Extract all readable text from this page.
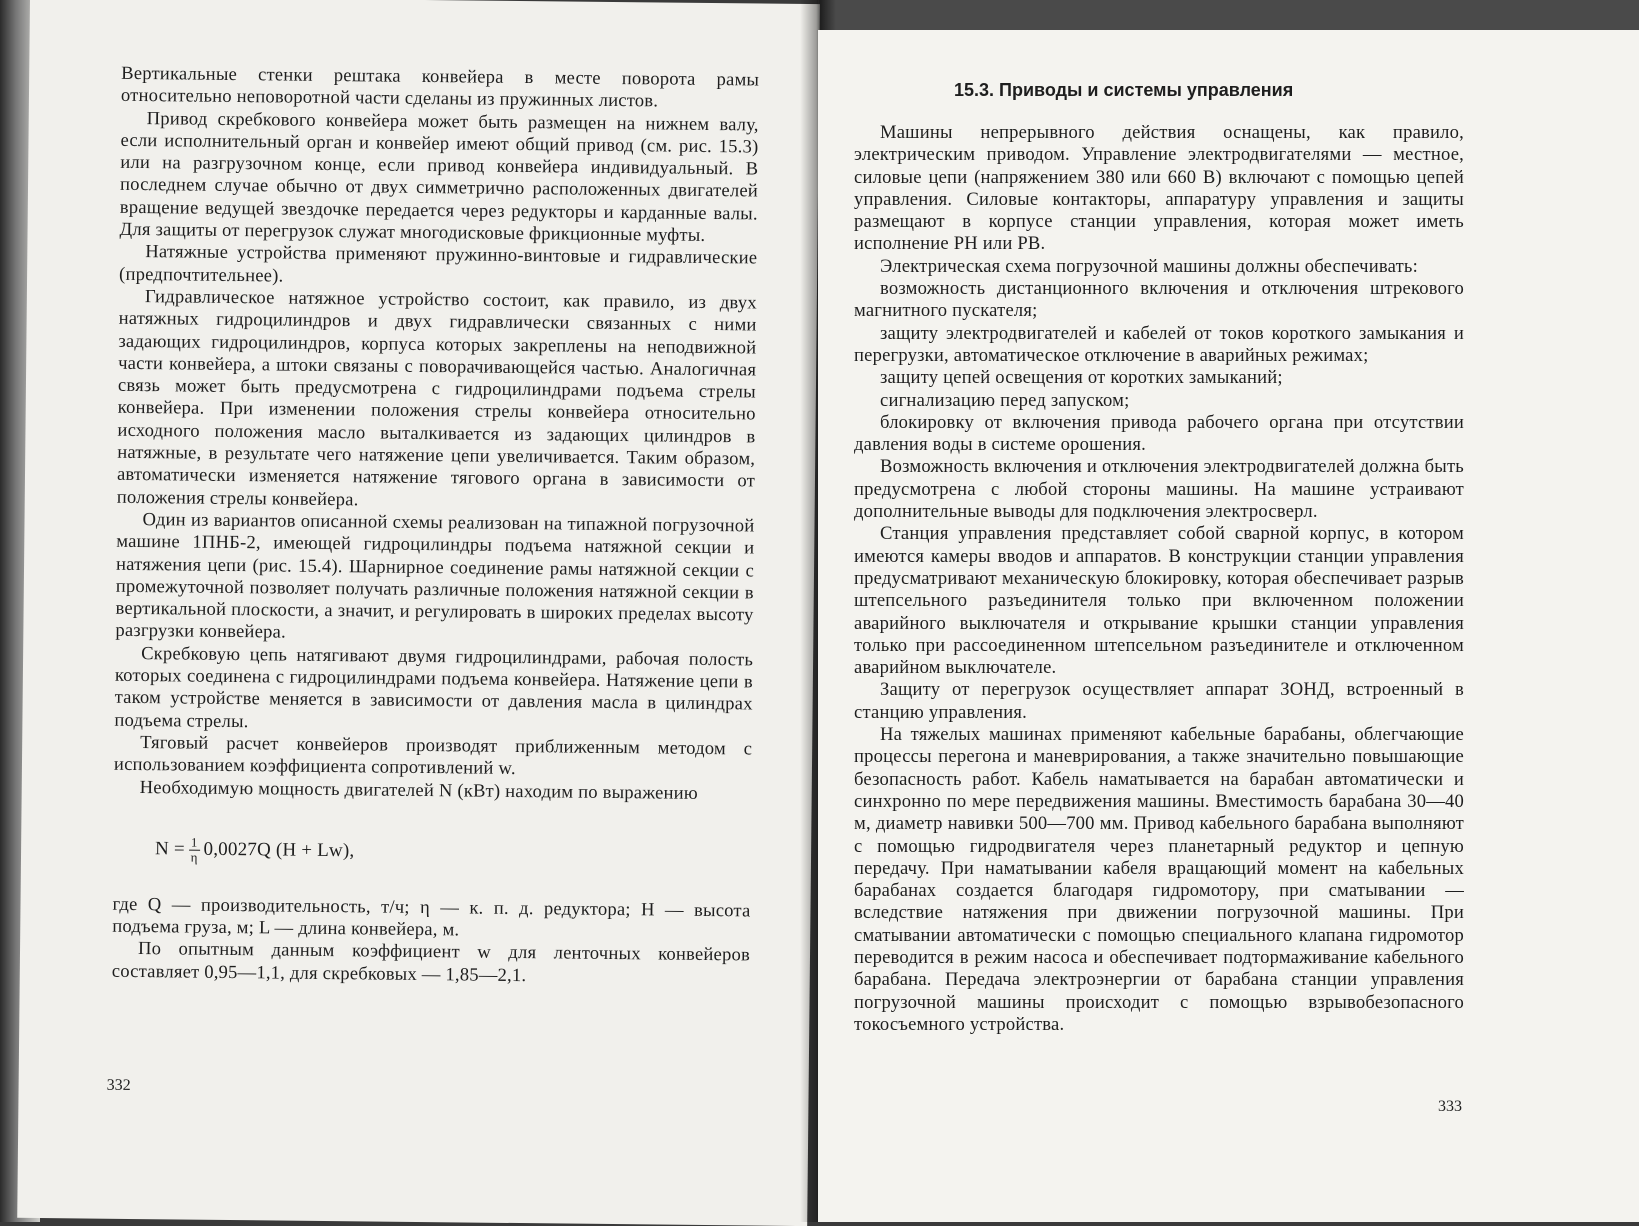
Вертикальные стенки рештака конвейера в месте поворота рамы относительно неповоротной части сделаны из пружинных листов.

Привод скребкового конвейера может быть размещен на нижнем валу, если исполнительный орган и конвейер имеют общий привод (см. рис. 15.3) или на разгрузочном конце, если привод конвейера индивидуальный. В последнем случае обычно от двух симметрично расположенных двигателей вращение ведущей звездочке передается через редукторы и карданные валы. Для защиты от перегрузок служат многодисковые фрикционные муфты.

Натяжные устройства применяют пружинно-винтовые и гидравлические (предпочтительнее).

Гидравлическое натяжное устройство состоит, как правило, из двух натяжных гидроцилиндров и двух гидравлически связанных с ними задающих гидроцилиндров, корпуса которых закреплены на неподвижной части конвейера, а штоки связаны с поворачивающейся частью. Аналогичная связь может быть предусмотрена с гидроцилиндрами подъема стрелы конвейера. При изменении положения стрелы конвейера относительно исходного положения масло выталкивается из задающих цилиндров в натяжные, в результате чего натяжение цепи увеличивается. Таким образом, автоматически изменяется натяжение тягового органа в зависимости от положения стрелы конвейера.

Один из вариантов описанной схемы реализован на типажной погрузочной машине 1ПНБ-2, имеющей гидроцилиндры подъема натяжной секции и натяжения цепи (рис. 15.4). Шарнирное соединение рамы натяжной секции с промежуточной позволяет получать различные положения натяжной секции в вертикальной плоскости, а значит, и регулировать в широких пределах высоту разгрузки конвейера.

Скребковую цепь натягивают двумя гидроцилиндрами, рабочая полость которых соединена с гидроцилиндрами подъема конвейера. Натяжение цепи в таком устройстве меняется в зависимости от давления масла в цилиндрах подъема стрелы.

Тяговый расчет конвейеров производят приближенным методом с использованием коэффициента сопротивлений w.

Необходимую мощность двигателей N (кВт) находим по выражению

$N = \frac{1}{\eta} 0,0027Q$ (H + Lw),

где Q — производительность, т/ч; η — к. п. д. редуктора; H — высота подъема груза, м; L — длина конвейера, м.

По опытным данным коэффициент w для ленточных конвейеров составляет 0,95—1,1, для скребковых — 1,85—2,1.

332
15.3. Приводы и системы управления

Машины непрерывного действия оснащены, как правило, электрическим приводом. Управление электродвигателями — местное, силовые цепи (напряжением 380 или 660 В) включают с помощью цепей управления. Силовые контакторы, аппаратуру управления и защиты размещают в корпусе станции управления, которая может иметь исполнение РН или РВ.

Электрическая схема погрузочной машины должны обеспечивать:

возможность дистанционного включения и отключения штрекового магнитного пускателя;

защиту электродвигателей и кабелей от токов короткого замыкания и перегрузки, автоматическое отключение в аварийных режимах;

защиту цепей освещения от коротких замыканий;

сигнализацию перед запуском;

блокировку от включения привода рабочего органа при отсутствии давления воды в системе орошения.

Возможность включения и отключения электродвигателей должна быть предусмотрена с любой стороны машины. На машине устраивают дополнительные выводы для подключения электросверл.

Станция управления представляет собой сварной корпус, в котором имеются камеры вводов и аппаратов. В конструкции станции управления предусматривают механическую блокировку, которая обеспечивает разрыв штепсельного разъединителя только при включенном положении аварийного выключателя и открывание крышки станции управления только при рассоединенном штепсельном разъединителе и отключенном аварийном выключателе.

Защиту от перегрузок осуществляет аппарат ЗОНД, встроенный в станцию управления.

На тяжелых машинах применяют кабельные барабаны, облегчающие процессы перегона и маневрирования, а также значительно повышающие безопасность работ. Кабель наматывается на барабан автоматически и синхронно по мере передвижения машины. Вместимость барабана 30—40 м, диаметр навивки 500—700 мм. Привод кабельного барабана выполняют с помощью гидродвигателя через планетарный редуктор и цепную передачу. При наматывании кабеля вращающий момент на кабельных барабанах создается благодаря гидромотору, при сматывании — вследствие натяжения при движении погрузочной машины. При сматывании автоматически с помощью специального клапана гидромотор переводится в режим насоса и обеспечивает подтормаживание кабельного барабана. Передача электроэнергии от барабана станции управления погрузочной машины происходит с помощью взрывобезопасного токосъемного устройства.

333
